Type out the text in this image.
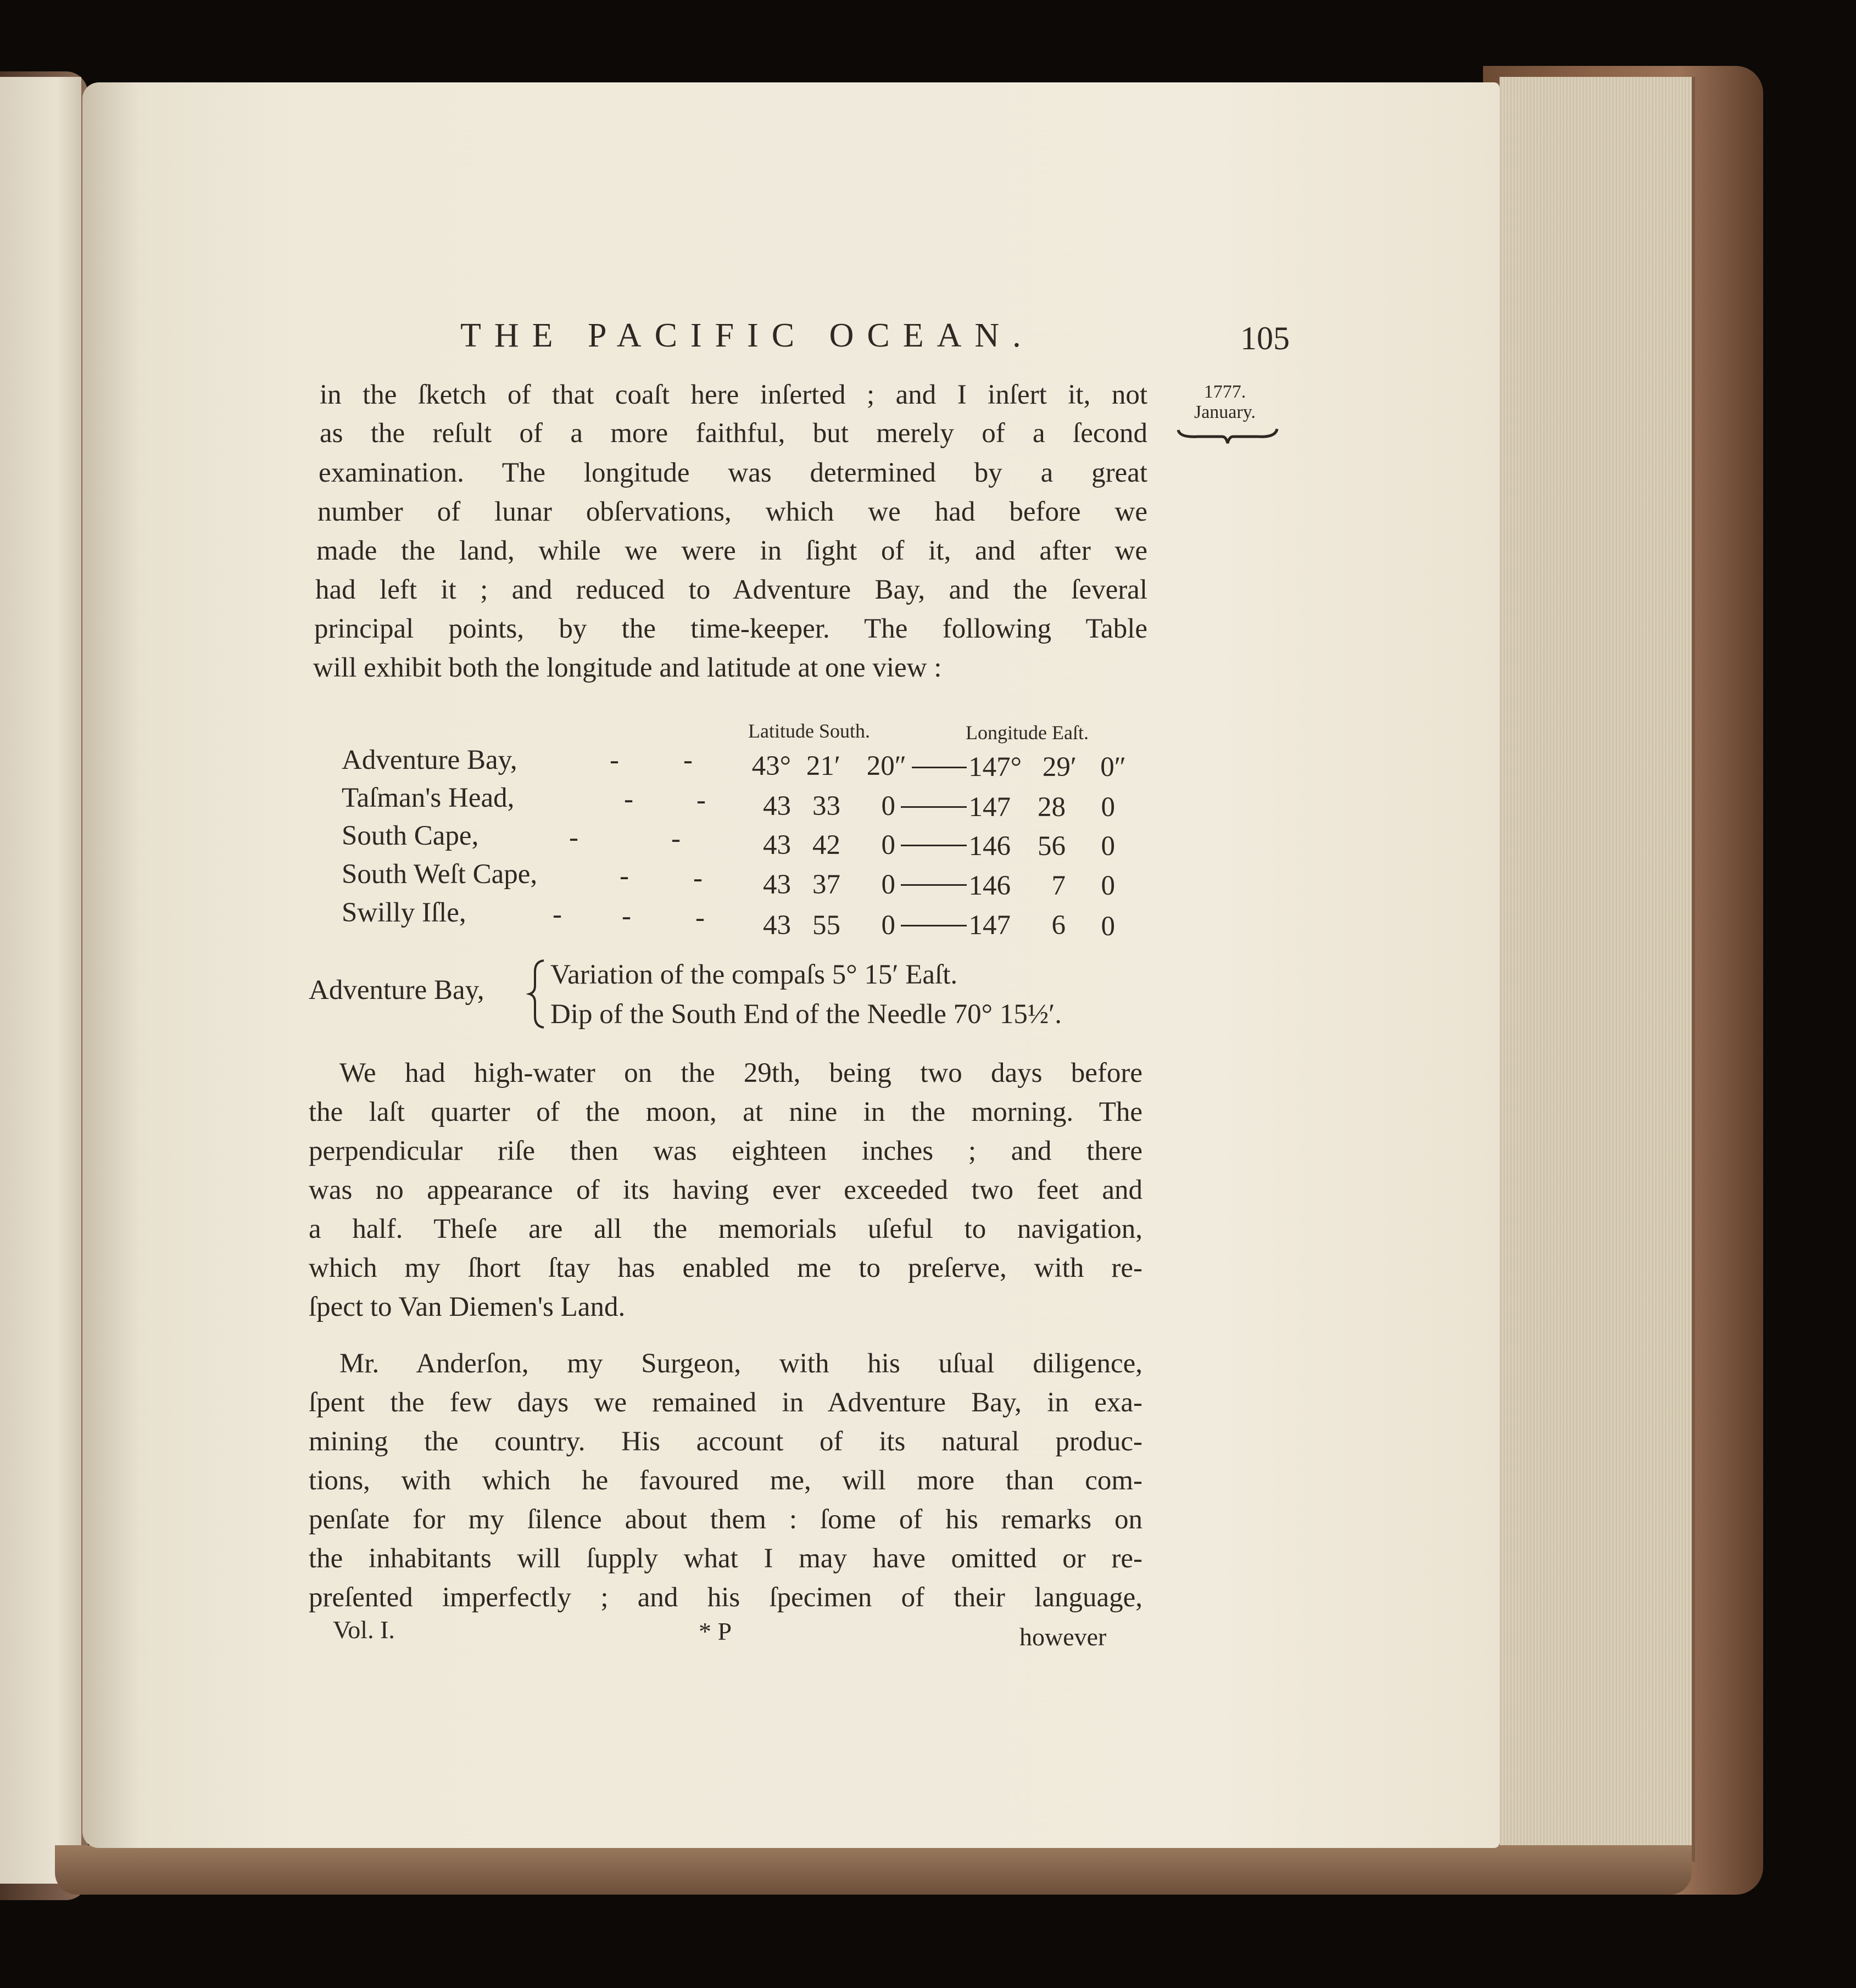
THE PACIFIC OCEAN.	105
1777.
January.
in the ſketch of that coaſt here inſerted ; and I inſert it, not
as the reſult of a more faithful, but merely of a ſecond
examination. The longitude was determined by a great
number of lunar obſervations, which we had before we
made the land, while we were in ſight of it, and after we
had left it ; and reduced to Adventure Bay, and the ſeveral
principal points, by the time-keeper. The following Table
will exhibit both the longitude and latitude at one view :
Latitude South.	Longitude Eaſt.
Adventure Bay,	- -	43° 21′ 20″	147° 29′ 0″
Taſman's Head,	- -	43 33	0	147 28	0
South Cape,	-	-	43 42	0	146 56	0
South Weſt Cape,	- -	43 37	0	146	7	0
Swilly Iſle,	- - -	43 55	0	147	6	0
Adventure Bay, Variation of the compaſs 5° 15′ Eaſt.
Dip of the South End of the Needle 70° 15½′.
We had high-water on the 29th, being two days before
the laſt quarter of the moon, at nine in the morning. The
perpendicular riſe then was eighteen inches ; and there
was no appearance of its having ever exceeded two feet and
a half. Theſe are all the memorials uſeful to navigation,
which my ſhort ſtay has enabled me to preſerve, with re-
ſpect to Van Diemen's Land.
Mr. Anderſon, my Surgeon, with his uſual diligence,
ſpent the few days we remained in Adventure Bay, in exa-
mining the country. His account of its natural produc-
tions, with which he favoured me, will more than com-
penſate for my ſilence about them : ſome of his remarks on
the inhabitants will ſupply what I may have omitted or re-
preſented imperfectly ; and his ſpecimen of their language,
Vol. I.	* P	however
